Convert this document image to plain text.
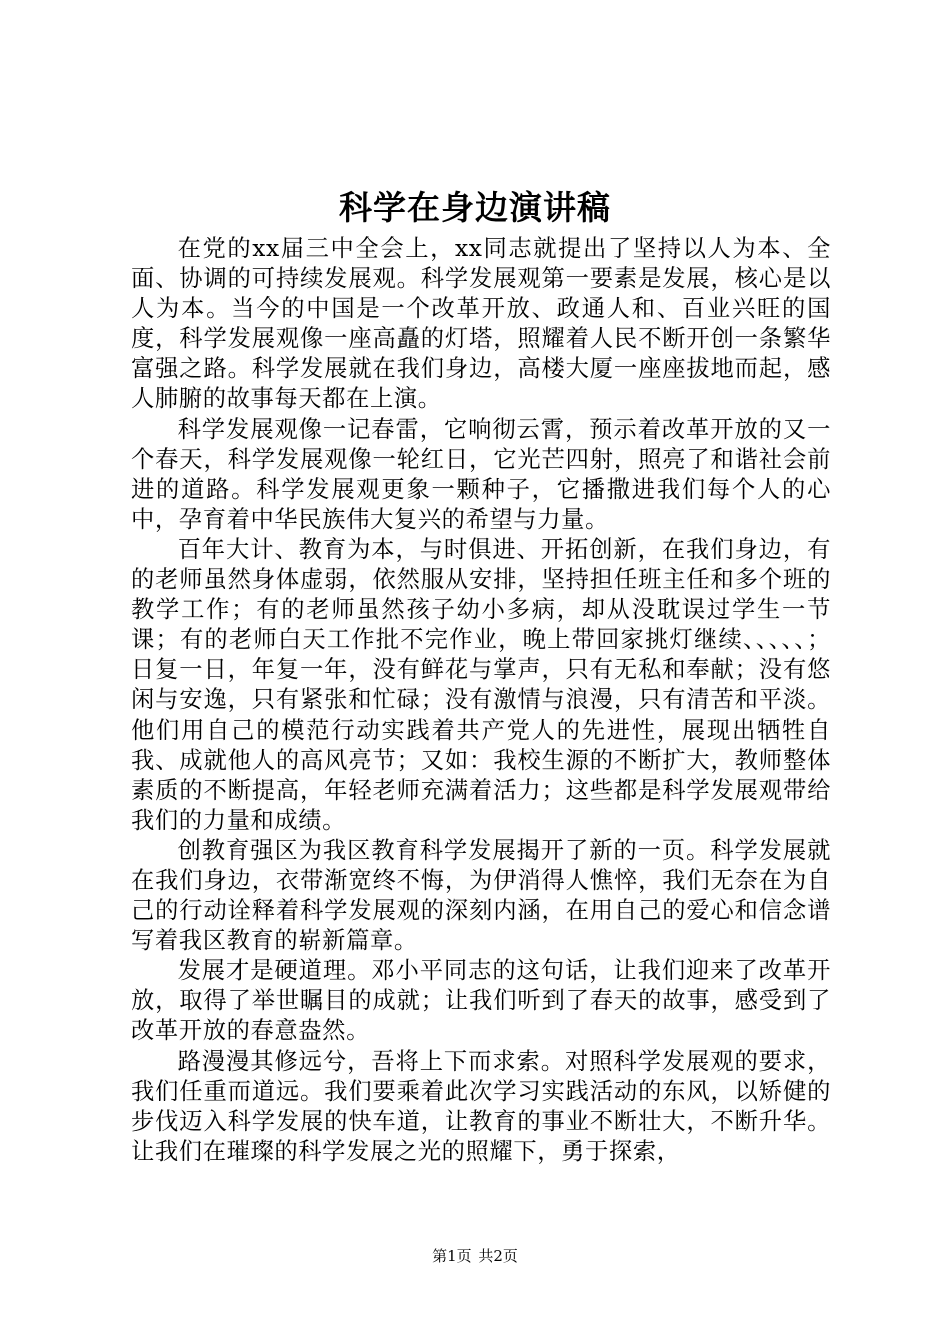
科学在身边演讲稿

在党的xx届三中全会上，xx同志就提出了坚持以人为本、全面、协调的可持续发展观。科学发展观第一要素是发展，核心是以人为本。当今的中国是一个改革开放、政通人和、百业兴旺的国度，科学发展观像一座高矗的灯塔，照耀着人民不断开创一条繁华富强之路。科学发展就在我们身边，高楼大厦一座座拔地而起，感人肺腑的故事每天都在上演。

科学发展观像一记春雷，它响彻云霄，预示着改革开放的又一个春天，科学发展观像一轮红日，它光芒四射，照亮了和谐社会前进的道路。科学发展观更象一颗种子，它播撒进我们每个人的心中，孕育着中华民族伟大复兴的希望与力量。

百年大计、教育为本，与时俱进、开拓创新，在我们身边，有的老师虽然身体虚弱，依然服从安排，坚持担任班主任和多个班的教学工作；有的老师虽然孩子幼小多病，却从没耽误过学生一节课；有的老师白天工作批不完作业，晚上带回家挑灯继续、、、、、；日复一日，年复一年，没有鲜花与掌声，只有无私和奉献；没有悠闲与安逸，只有紧张和忙碌；没有激情与浪漫，只有清苦和平淡。他们用自己的模范行动实践着共产党人的先进性，展现出牺牲自我、成就他人的高风亮节；又如：我校生源的不断扩大，教师整体素质的不断提高，年轻老师充满着活力；这些都是科学发展观带给我们的力量和成绩。

创教育强区为我区教育科学发展揭开了新的一页。科学发展就在我们身边，衣带渐宽终不悔，为伊消得人憔悴，我们无奈在为自己的行动诠释着科学发展观的深刻内涵，在用自己的爱心和信念谱写着我区教育的崭新篇章。

发展才是硬道理。邓小平同志的这句话，让我们迎来了改革开放，取得了举世瞩目的成就；让我们听到了春天的故事，感受到了改革开放的春意盎然。

路漫漫其修远兮，吾将上下而求索。对照科学发展观的要求，我们任重而道远。我们要乘着此次学习实践活动的东风，以矫健的步伐迈入科学发展的快车道，让教育的事业不断壮大，不断升华。让我们在璀璨的科学发展之光的照耀下，勇于探索，

第1页 共2页
